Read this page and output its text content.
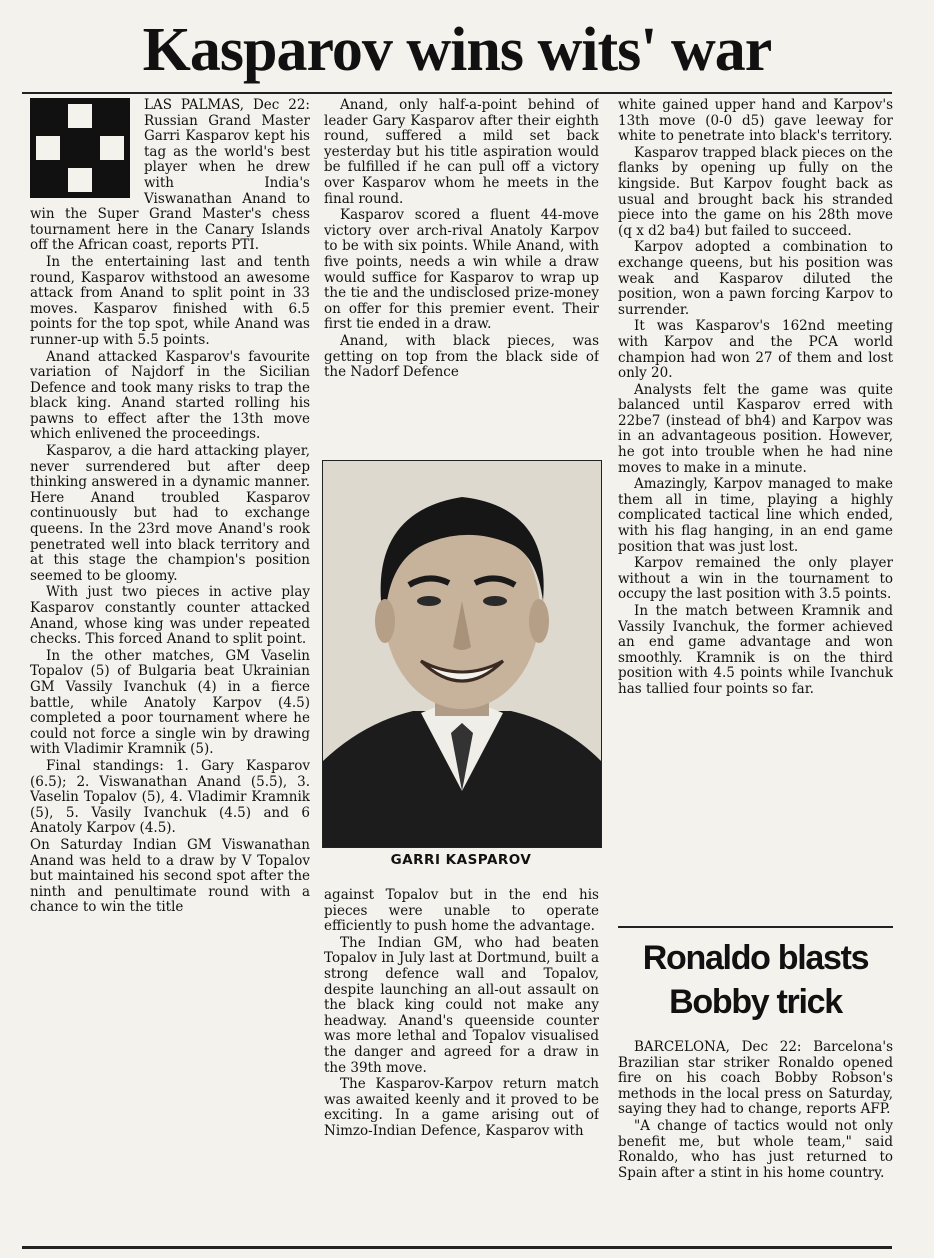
Kasparov wins wits' war

LAS PALMAS, Dec 22: Russian Grand Master Garri Kasparov kept his tag as the world's best player when he drew with India's Viswanathan Anand to win the Super Grand Master's chess tournament here in the Canary Islands off the African coast, reports PTI.

In the entertaining last and tenth round, Kasparov withstood an awesome attack from Anand to split point in 33 moves. Kasparov finished with 6.5 points for the top spot, while Anand was runner-up with 5.5 points.

Anand attacked Kasparov's favourite variation of Najdorf in the Sicilian Defence and took many risks to trap the black king. Anand started rolling his pawns to effect after the 13th move which enlivened the proceedings.

Kasparov, a die hard attacking player, never surrendered but after deep thinking answered in a dynamic manner. Here Anand troubled Kasparov continuously but had to exchange queens. In the 23rd move Anand's rook penetrated well into black territory and at this stage the champion's position seemed to be gloomy.

With just two pieces in active play Kasparov constantly counter attacked Anand, whose king was under repeated checks. This forced Anand to split point.

In the other matches, GM Vaselin Topalov (5) of Bulgaria beat Ukrainian GM Vassily Ivanchuk (4) in a fierce battle, while Anatoly Karpov (4.5) completed a poor tournament where he could not force a single win by drawing with Vladimir Kramnik (5).

Final standings: 1. Gary Kasparov (6.5); 2. Viswanathan Anand (5.5), 3. Vaselin Topalov (5), 4. Vladimir Kramnik (5), 5. Vasily Ivanchuk (4.5) and 6 Anatoly Karpov (4.5).

On Saturday Indian GM Viswanathan Anand was held to a draw by V Topalov but maintained his second spot after the ninth and penultimate round with a chance to win the title

Anand, only half-a-point behind of leader Gary Kasparov after their eighth round, suffered a mild set back yesterday but his title aspiration would be fulfilled if he can pull off a victory over Kasparov whom he meets in the final round.

Kasparov scored a fluent 44-move victory over arch-rival Anatoly Karpov to be with six points. While Anand, with five points, needs a win while a draw would suffice for Kasparov to wrap up the tie and the undisclosed prize-money on offer for this premier event. Their first tie ended in a draw.

Anand, with black pieces, was getting on top from the black side of the Nadorf Defence

GARRI KASPAROV

against Topalov but in the end his pieces were unable to operate efficiently to push home the advantage.

The Indian GM, who had beaten Topalov in July last at Dortmund, built a strong defence wall and Topalov, despite launching an all-out assault on the black king could not make any headway. Anand's queenside counter was more lethal and Topalov visualised the danger and agreed for a draw in the 39th move.

The Kasparov-Karpov return match was awaited keenly and it proved to be exciting. In a game arising out of Nimzo-Indian Defence, Kasparov with

white gained upper hand and Karpov's 13th move (0-0 d5) gave leeway for white to penetrate into black's territory.

Kasparov trapped black pieces on the flanks by opening up fully on the kingside. But Karpov fought back as usual and brought back his stranded piece into the game on his 28th move (q x d2 ba4) but failed to succeed.

Karpov adopted a combination to exchange queens, but his position was weak and Kasparov diluted the position, won a pawn forcing Karpov to surrender.

It was Kasparov's 162nd meeting with Karpov and the PCA world champion had won 27 of them and lost only 20.

Analysts felt the game was quite balanced until Kasparov erred with 22be7 (instead of bh4) and Karpov was in an advantageous position. However, he got into trouble when he had nine moves to make in a minute.

Amazingly, Karpov managed to make them all in time, playing a highly complicated tactical line which ended, with his flag hanging, in an end game position that was just lost.

Karpov remained the only player without a win in the tournament to occupy the last position with 3.5 points.

In the match between Kramnik and Vassily Ivanchuk, the former achieved an end game advantage and won smoothly. Kramnik is on the third position with 4.5 points while Ivanchuk has tallied four points so far.

Ronaldo blasts Bobby trick

BARCELONA, Dec 22: Barcelona's Brazilian star striker Ronaldo opened fire on his coach Bobby Robson's methods in the local press on Saturday, saying they had to change, reports AFP.

"A change of tactics would not only benefit me, but whole team," said Ronaldo, who has just returned to Spain after a stint in his home country.
